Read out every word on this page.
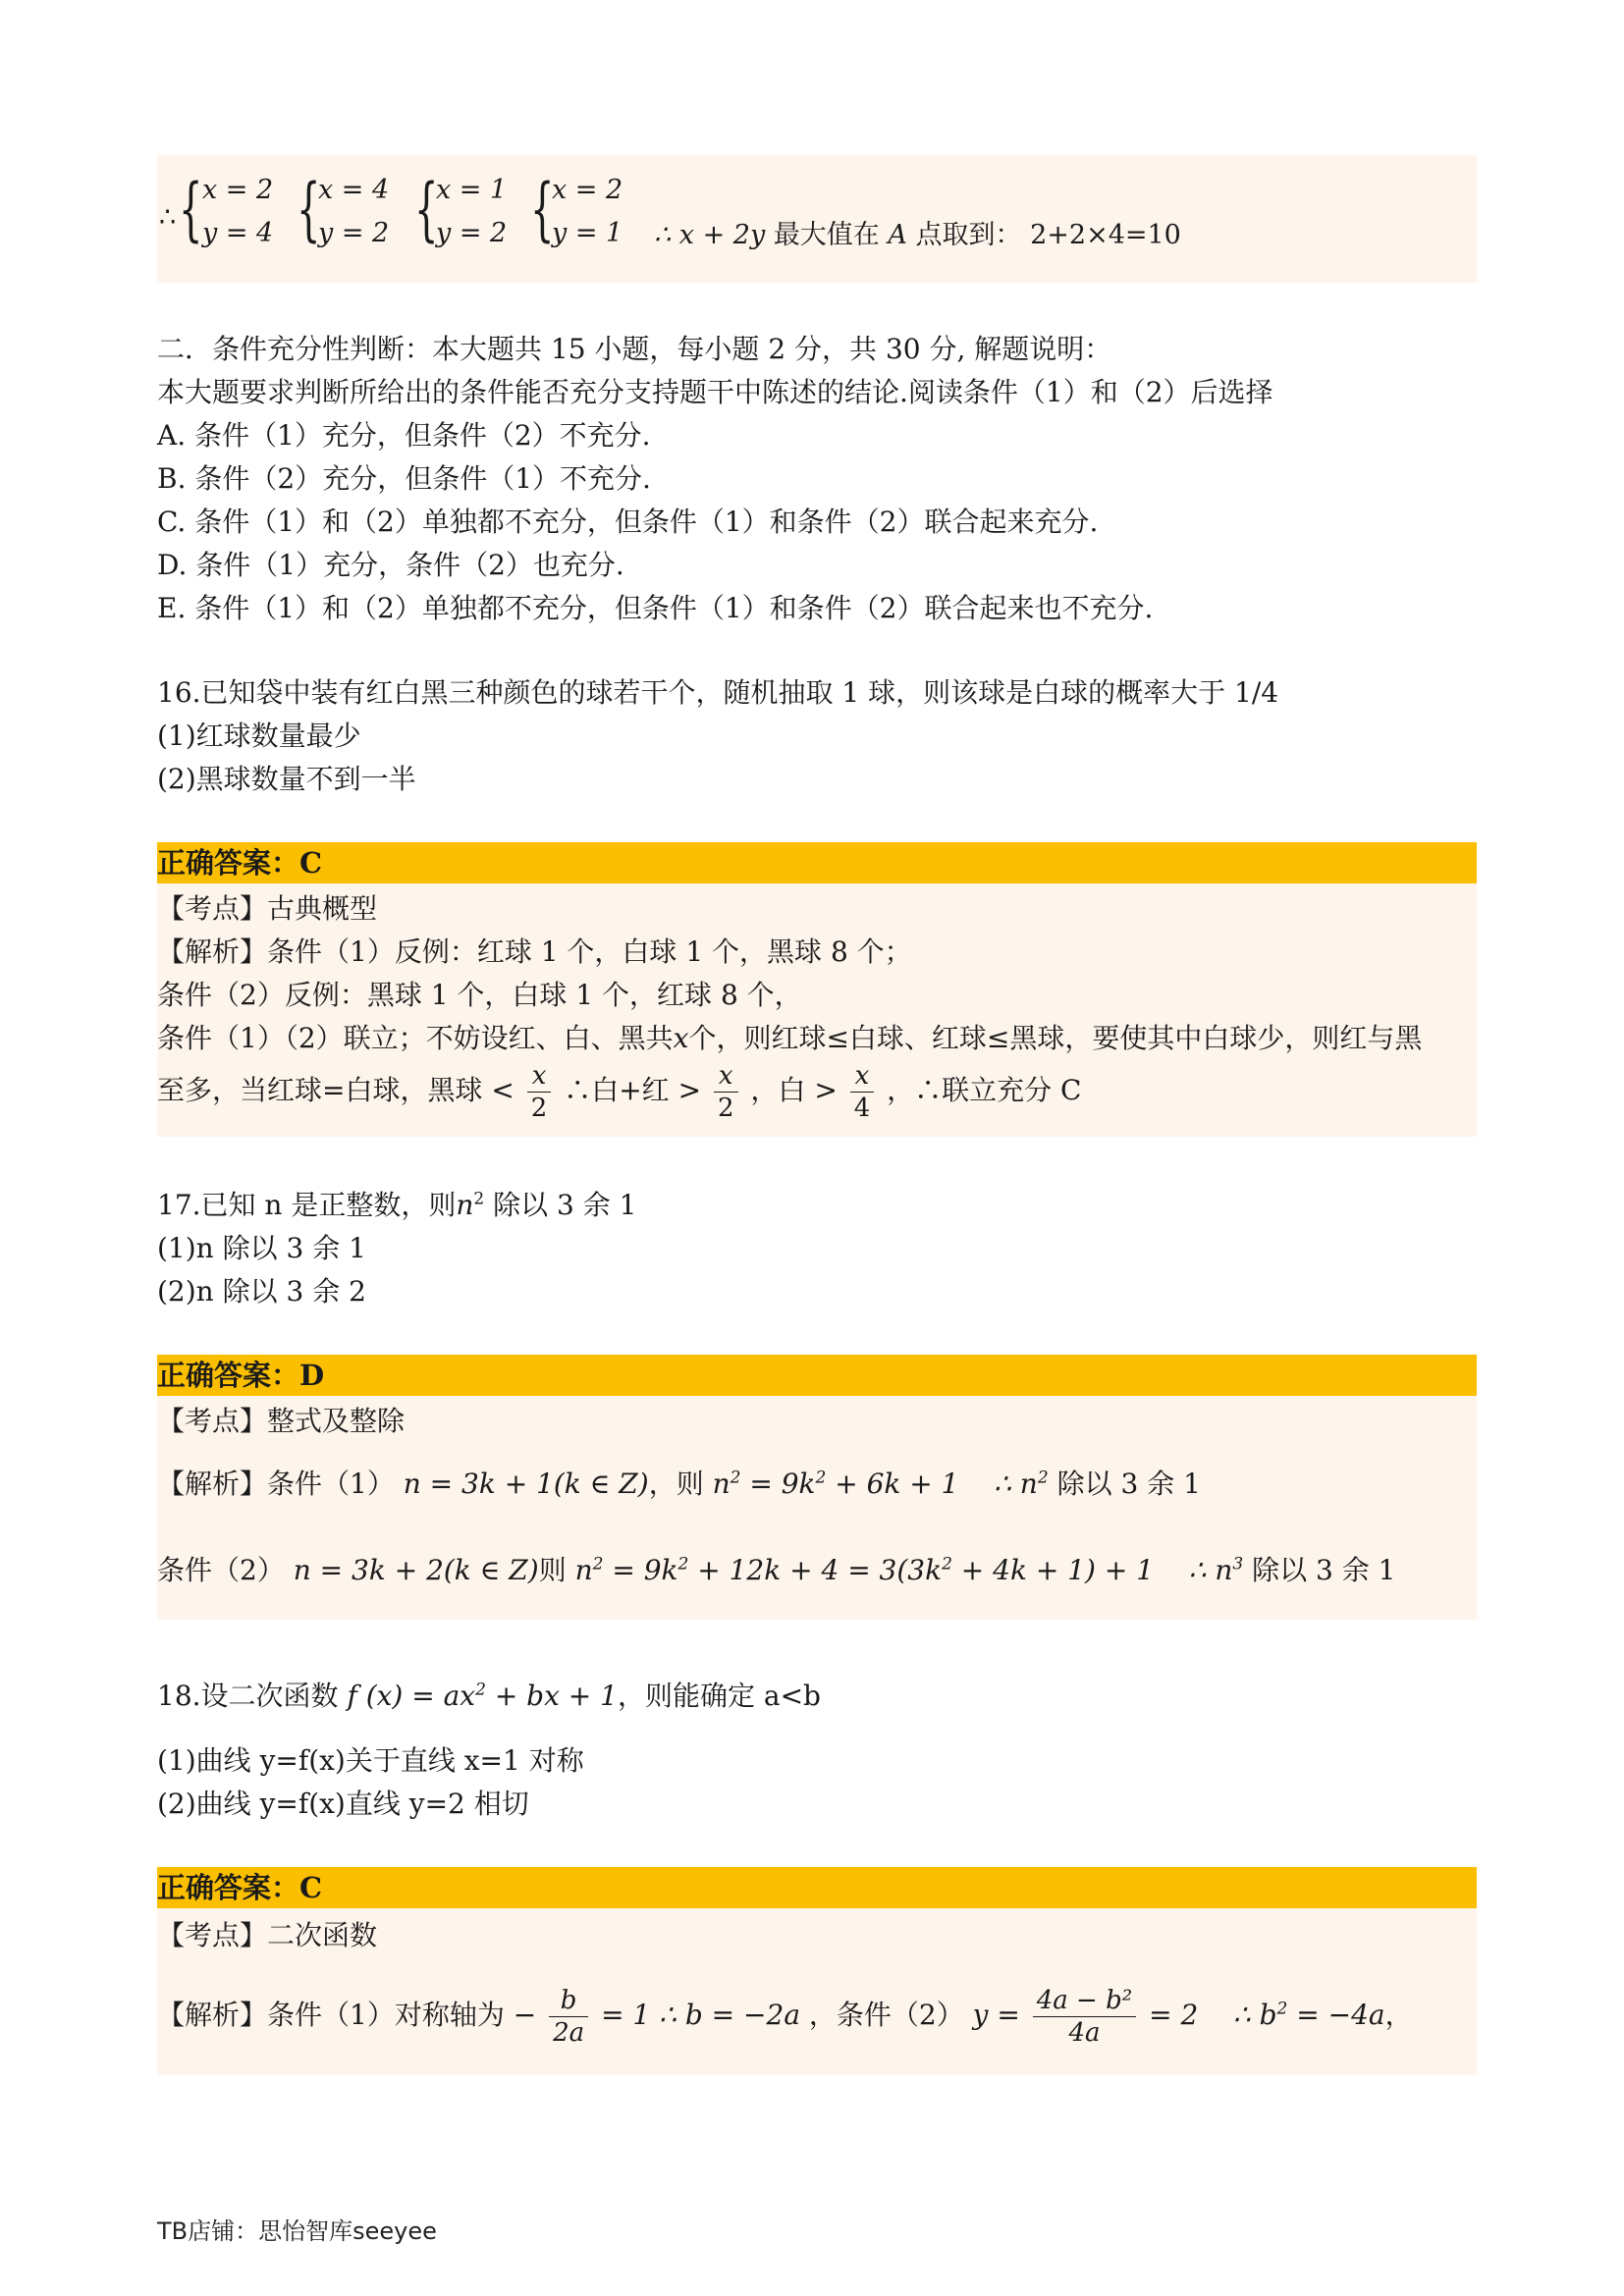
∴ { x = 2
y = 4 {
x = 4
y = 2 {
x = 1
y = 2 {
x = 2
y = 1 ∴ x + 2y 最大值在 A 点取到： 2+2×4=10
二．条件充分性判断：本大题共 15 小题，每小题 2 分，共 30 分, 解题说明：
本大题要求判断所给出的条件能否充分支持题干中陈述的结论.阅读条件（1）和（2）后选择
A. 条件（1）充分，但条件（2）不充分.
B. 条件（2）充分，但条件（1）不充分.
C. 条件（1）和（2）单独都不充分，但条件（1）和条件（2）联合起来充分.
D. 条件（1）充分，条件（2）也充分.
E. 条件（1）和（2）单独都不充分，但条件（1）和条件（2）联合起来也不充分.
16.已知袋中装有红白黑三种颜色的球若干个，随机抽取 1 球，则该球是白球的概率大于 1/4
(1)红球数量最少
(2)黑球数量不到一半
正确答案：C
【考点】古典概型
【解析】条件（1）反例：红球 1 个，白球 1 个，黑球 8 个；
条件（2）反例：黑球 1 个，白球 1 个，红球 8 个，
条件（1）（2）联立；不妨设红、白、黑共x个，则红球≤白球、红球≤黑球，要使其中白球少，则红与黑
至多，当红球=白球，黑球 < $\frac{x}{2}$ ∴白+红 > $\frac{x}{2}$ ，白 > $\frac{x}{4}$ ，∴联立充分 C
17.已知 n 是正整数，则$n^2$ 除以 3 余 1
(1)n 除以 3 余 1
(2)n 除以 3 余 2
正确答案：D
【考点】整式及整除
【解析】条件（1） n = 3k + 1(k ∈ Z)，则 $n^2 = 9k^2 + 6k + 1$ ∴ $n^2$ 除以 3 余 1
条件（2） n = 3k + 2(k ∈ Z)则 $n^2 = 9k^2 + 12k + 4 = 3(3k^2 + 4k + 1) + 1$ ∴ $n^3$ 除以 3 余 1
18.设二次函数 f $(x) = ax^2$ + bx + 1，则能确定 a<b
(1)曲线 y=f(x)关于直线 x=1 对称
(2)曲线 y=f(x)直线 y=2 相切
正确答案：C
【考点】二次函数
【解析】条件（1）对称轴为 − $\frac{b}{2a} = 1$ ∴ b = −2a ，条件（2） $y = \frac{\text{4a − b²}}{4a} = 2$ ∴ $b^2 = -4a$，
TB店铺：思怡智库seeyee
